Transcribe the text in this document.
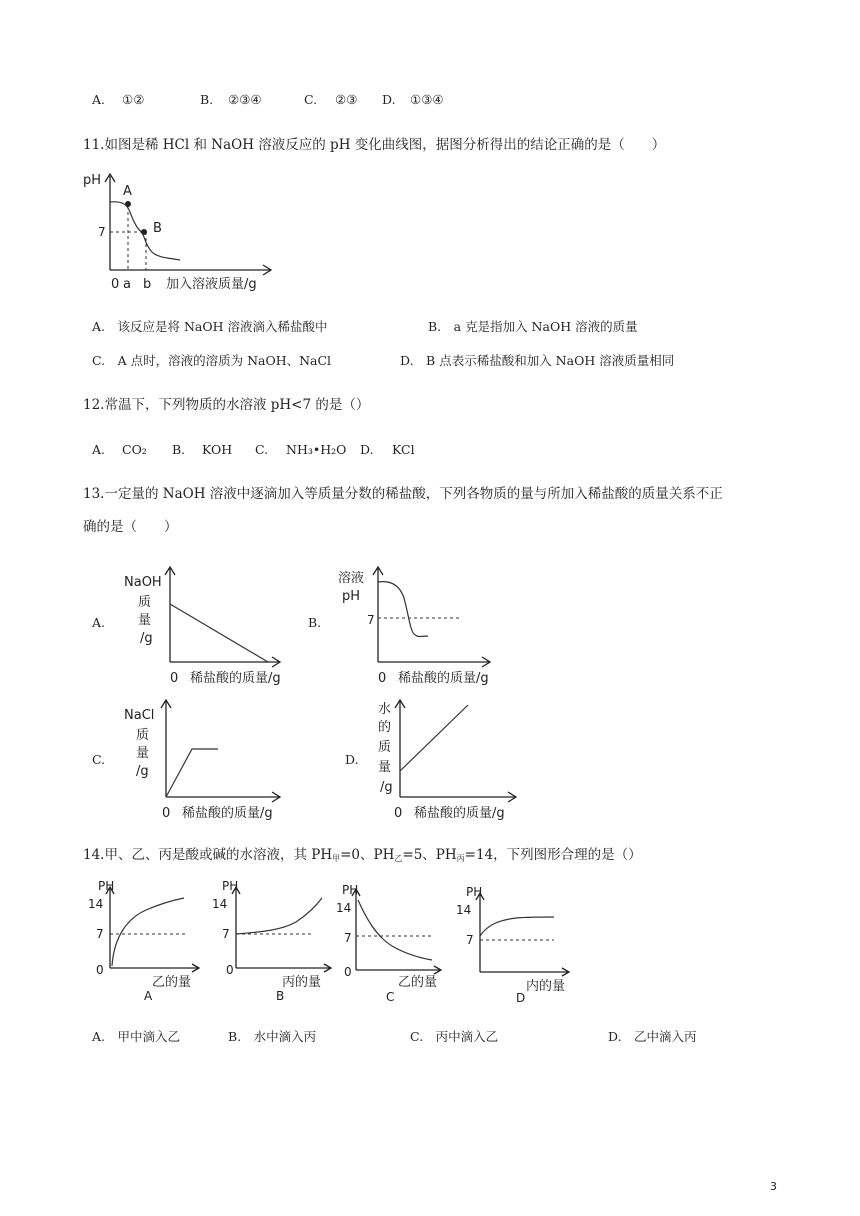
A. ①②	B. ②③④	C. ②③ D. ①③④
11.如图是稀 HCl 和 NaOH 溶液反应的 pH 变化曲线图，据图分析得出的结论正确的是（　　）
pH
7
A
B
0 a b 加入溶液质量/g
A.　该反应是将 NaOH 溶液滴入稀盐酸中	B.　a 克是指加入 NaOH 溶液的质量
C.　A 点时，溶液的溶质为 NaOH、NaCl	D.　B 点表示稀盐酸和加入 NaOH 溶液质量相同
12.常温下，下列物质的水溶液 pH<7 的是（）
A. CO₂ B. KOH C. NH₃•H₂O D. KCl
13.一定量的 NaOH 溶液中逐滴加入等质量分数的稀盐酸，下列各物质的量与所加入稀盐酸的质量关系不正
确的是（　　）
A.
NaOH
质
量
/g
0 稀盐酸的质量/g
B.
溶液
pH
7
0 稀盐酸的质量/g
C.
NaCl
质
量
/g
0 稀盐酸的质量/g
D.
水
的
质
量
/g
0 稀盐酸的质量/g
14.甲、乙、丙是酸或碱的水溶液，其 $PH_甲=0$、$PH_乙=5$、$PH_丙=14$，下列图形合理的是（）
PH
14
7
0
乙的量
A
PH
14
7
0
丙的量
B
PH
14
7
0
乙的量
C
PH
14
7
内的量
D
A.　甲中滴入乙	B.　水中滴入丙	C.　丙中滴入乙	D.　乙中滴入丙
3
